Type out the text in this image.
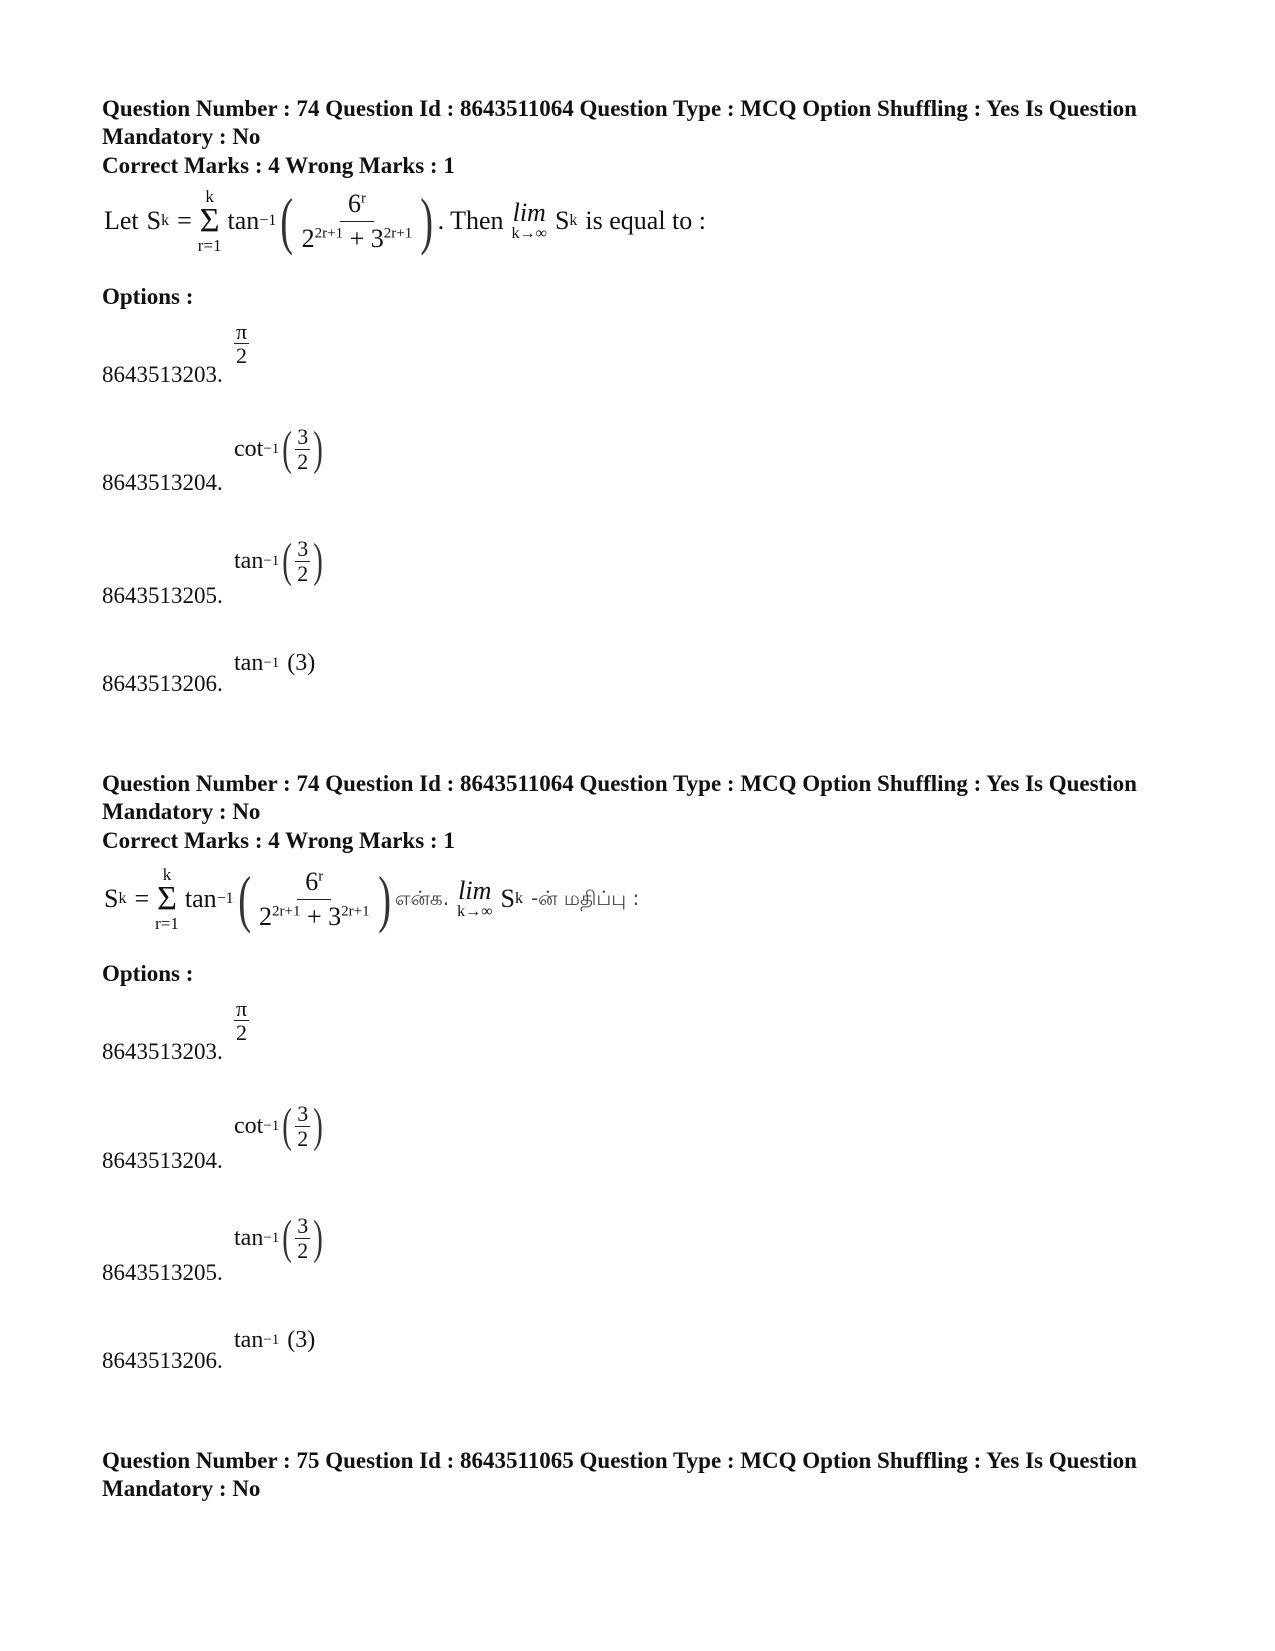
Question Number : 74 Question Id : 8643511064 Question Type : MCQ Option Shuffling : Yes Is Question Mandatory : No
Correct Marks : 4 Wrong Marks : 1
Let S k =
k
Σ
r=1
tan −1 ( $\frac{6^r}{2^{2r+1} + 3^{2r+1}}$ ) . Then lim
k→∞ S k is equal to :
Options :
8643513203.
π
2
8643513204.
cot −1 ( 3
2 )
8643513205.
tan −1 ( 3
2 )
8643513206.
tan −1 (3)
Question Number : 74 Question Id : 8643511064 Question Type : MCQ Option Shuffling : Yes Is Question Mandatory : No
Correct Marks : 4 Wrong Marks : 1
S k =
k
Σ
r=1
tan −1 ( $\frac{6^r}{2^{2r+1} + 3^{2r+1}}$ ) என்க. lim
k→∞ S k -ன் மதிப்பு :
Options :
8643513203.
π
2
8643513204.
cot −1 ( 3
2 )
8643513205.
tan −1 ( 3
2 )
8643513206.
tan −1 (3)
Question Number : 75 Question Id : 8643511065 Question Type : MCQ Option Shuffling : Yes Is Question Mandatory : No
